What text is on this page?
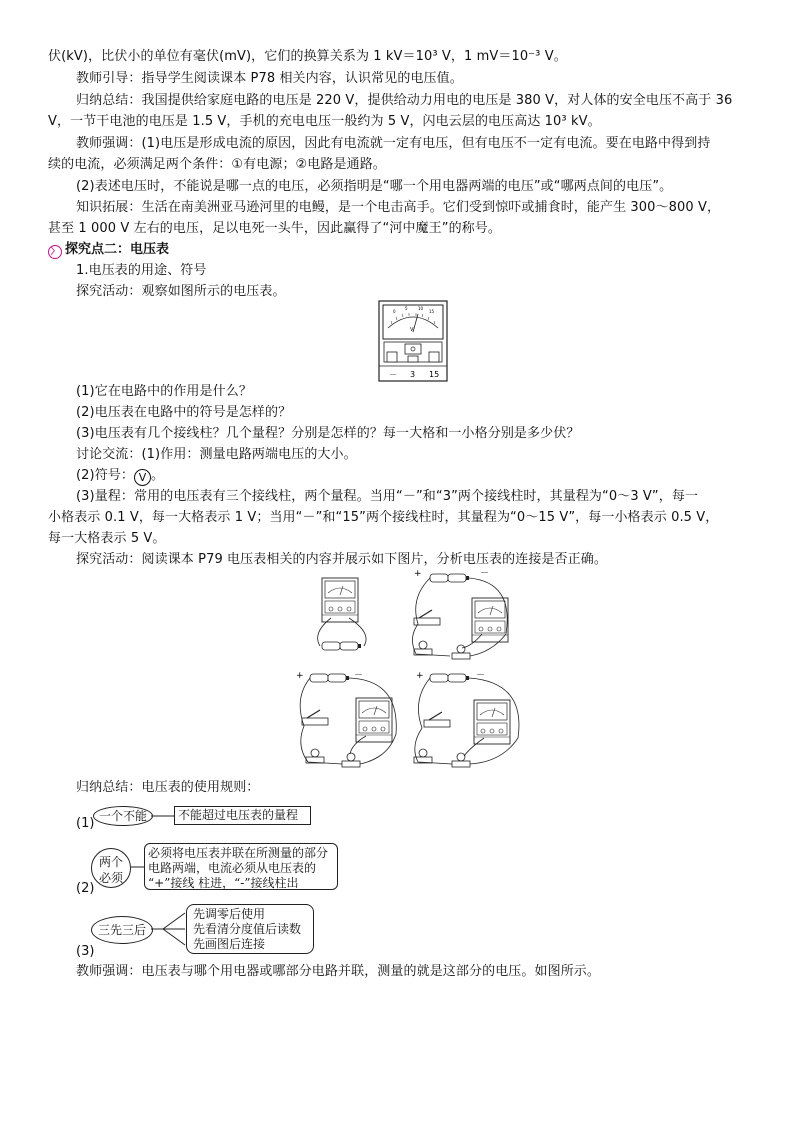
伏(kV)，比伏小的单位有毫伏(mV)，它们的换算关系为 1 kV＝10³ V，1 mV＝10⁻³ V。
教师引导：指导学生阅读课本 P78 相关内容，认识常见的电压值。
归纳总结：我国提供给家庭电路的电压是 220 V，提供给动力用电的电压是 380 V，对人体的安全电压不高于 36
V，一节干电池的电压是 1.5 V，手机的充电电压一般约为 5 V，闪电云层的电压高达 10³ kV。
教师强调：(1)电压是形成电流的原因，因此有电流就一定有电压，但有电压不一定有电流。要在电路中得到持
续的电流，必须满足两个条件：①有电源；②电路是通路。
(2)表述电压时，不能说是哪一点的电压，必须指明是“哪一个用电器两端的电压”或“哪两点间的电压”。
知识拓展：生活在南美洲亚马逊河里的电鳗，是一个电击高手。它们受到惊吓或捕食时，能产生 300～800 V，
甚至 1 000 V 左右的电压，足以电死一头牛，因此赢得了“河中魔王”的称号。
〉 探究点二：电压表
1.电压表的用途、符号
探究活动：观察如图所示的电压表。
0
5	10
15
V
－ 3 15
(1)它在电路中的作用是什么？
(2)电压表在电路中的符号是怎样的？
(3)电压表有几个接线柱？几个量程？分别是怎样的？每一大格和一小格分别是多少伏？
讨论交流：(1)作用：测量电路两端电压的大小。
(2)符号： V 。
(3)量程：常用的电压表有三个接线柱，两个量程。当用“－”和“3”两个接线柱时，其量程为“0～3 V”，每一
小格表示 0.1 V，每一大格表示 1 V；当用“－”和“15”两个接线柱时，其量程为“0～15 V”，每一小格表示 0.5 V，
每一大格表示 5 V。
探究活动：阅读课本 P79 电压表相关的内容并展示如下图片，分析电压表的连接是否正确。
+	－
+	－	+	－
归纳总结：电压表的使用规则：
(1) 一个不能	不能超过电压表的量程
(2)
两个
必须
必须将电压表并联在所测量的部分
电路两端，电流必须从电压表的
“+”接线 柱进，“-”接线柱出
(3)
三先三后
先调零后使用
先看清分度值后读数
先画图后连接
教师强调：电压表与哪个用电器或哪部分电路并联，测量的就是这部分的电压。如图所示。
